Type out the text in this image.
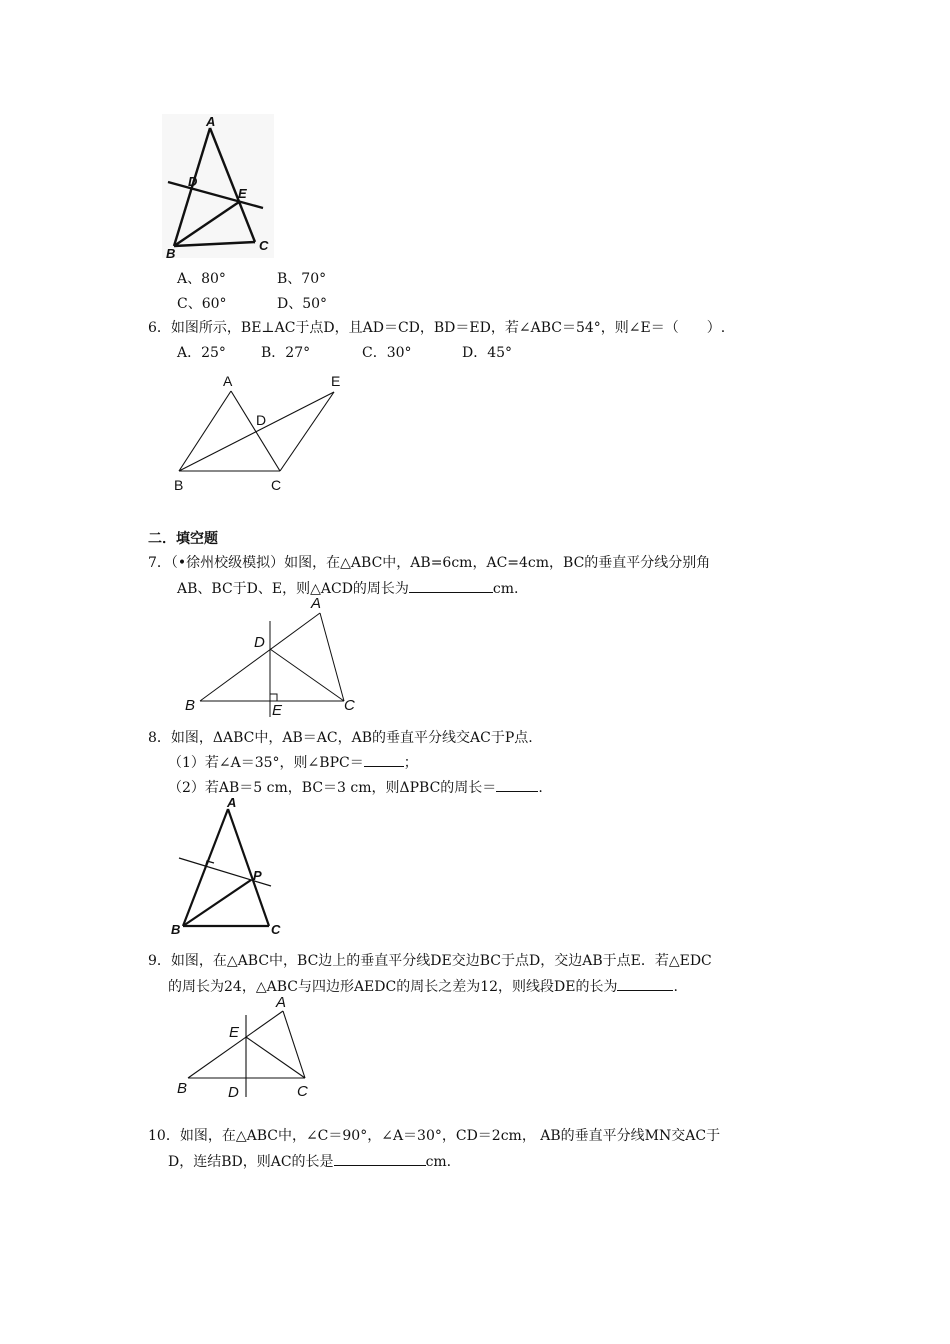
A
D
E
B
C
A、80°	B、70°
C、60°	D、50°
6．如图所示，BE⊥AC于点D，且AD＝CD，BD＝ED，若∠ABC＝54°，则∠E＝（　　）.
A．25°	B．27°	C．30°	D．45°
A
D
E
B	C
二．填空题
7．（•徐州校级模拟）如图，在△ABC中，AB=6cm，AC=4cm，BC的垂直平分线分别角
AB、BC于D、E，则△ACD的周长为	cm.
A
D
B	E	C
8．如图，ΔABC中，AB＝AC，AB的垂直平分线交AC于P点.
（1）若∠A＝35°，则∠BPC＝	；
（2）若AB＝5 cm，BC＝3 cm，则ΔPBC的周长＝	.
A
P
B	C
9．如图，在△ABC中，BC边上的垂直平分线DE交边BC于点D，交边AB于点E．若△EDC
的周长为24，△ABC与四边形AEDC的周长之差为12，则线段DE的长为	.
A
E
B	D	C
10．如图，在△ABC中，∠C＝90°，∠A＝30°，CD＝2cm， AB的垂直平分线MN交AC于
D，连结BD，则AC的长是	cm.
